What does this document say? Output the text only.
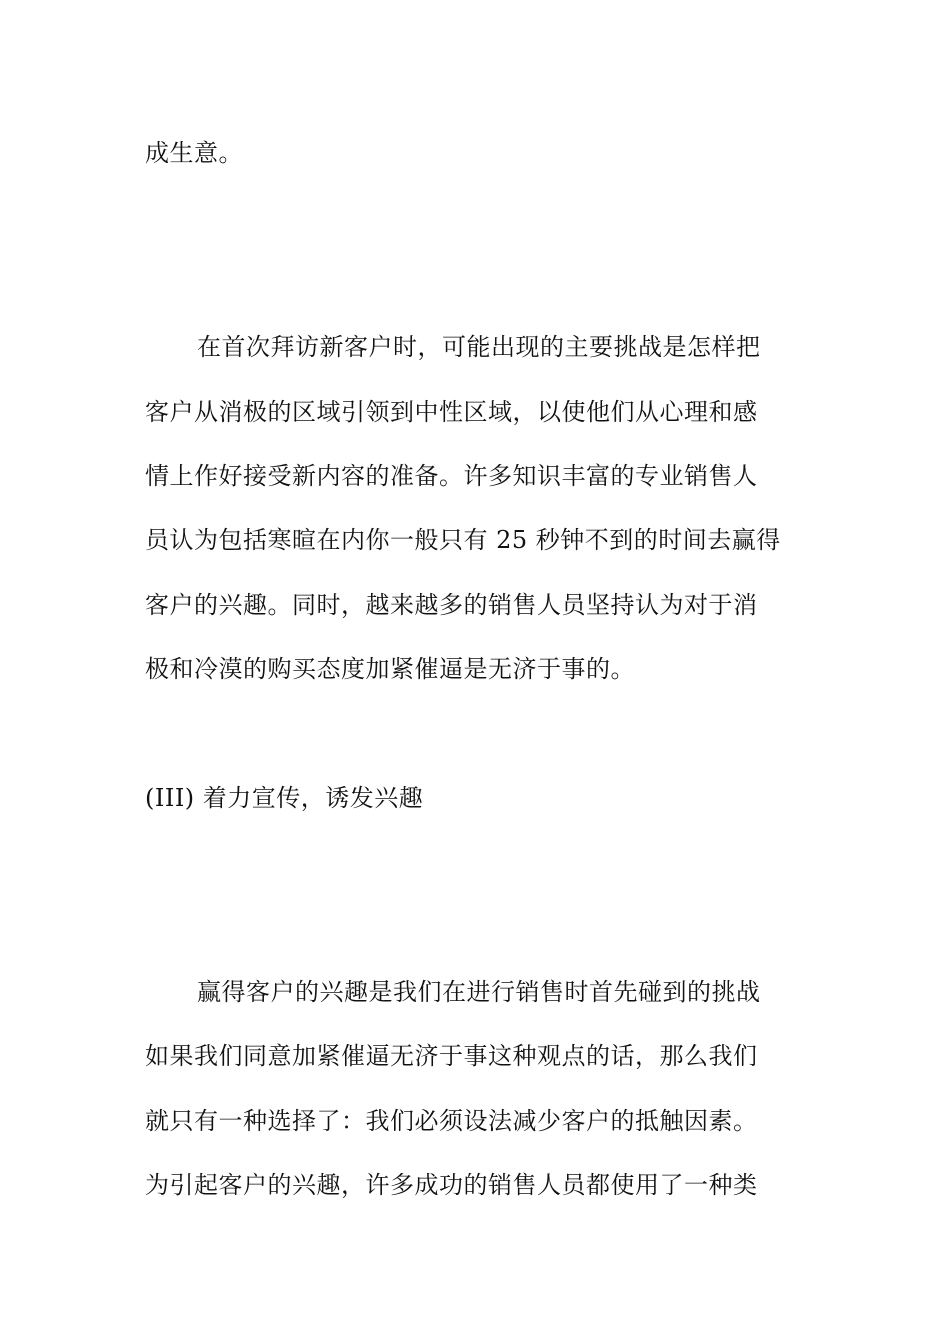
成生意。
在首次拜访新客户时，可能出现的主要挑战是怎样把
客户从消极的区域引领到中性区域，以使他们从心理和感
情上作好接受新内容的准备。许多知识丰富的专业销售人
员认为包括寒暄在内你一般只有 25 秒钟不到的时间去赢得
客户的兴趣。同时，越来越多的销售人员坚持认为对于消
极和冷漠的购买态度加紧催逼是无济于事的。
(III) 着力宣传，诱发兴趣
赢得客户的兴趣是我们在进行销售时首先碰到的挑战
如果我们同意加紧催逼无济于事这种观点的话，那么我们
就只有一种选择了：我们必须设法减少客户的抵触因素。
为引起客户的兴趣，许多成功的销售人员都使用了一种类
